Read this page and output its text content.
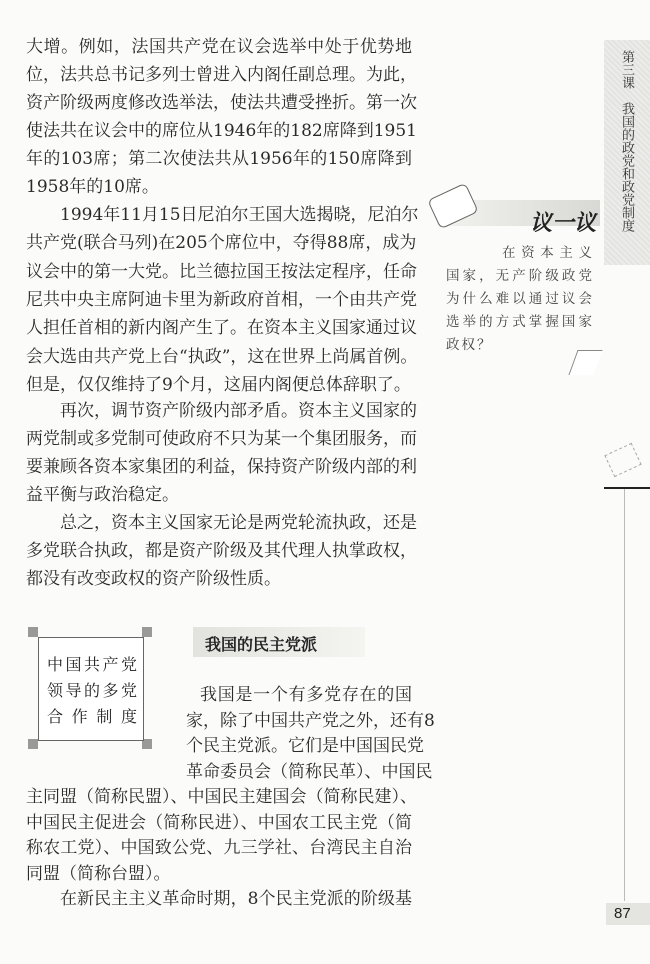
大增。例如，法国共产党在议会选举中处于优势地
位，法共总书记多列士曾进入内阁任副总理。为此，
资产阶级两度修改选举法，使法共遭受挫折。第一次
使法共在议会中的席位从1946年的182席降到1951
年的103席；第二次使法共从1956年的150席降到
1958年的10席。
1994年11月15日尼泊尔王国大选揭晓，尼泊尔
共产党(联合马列)在205个席位中，夺得88席，成为
议会中的第一大党。比兰德拉国王按法定程序，任命
尼共中央主席阿迪卡里为新政府首相，一个由共产党
人担任首相的新内阁产生了。在资本主义国家通过议
会大选由共产党上台“执政”，这在世界上尚属首例。
但是，仅仅维持了9个月，这届内阁便总体辞职了。
再次，调节资产阶级内部矛盾。资本主义国家的
两党制或多党制可使政府不只为某一个集团服务，而
要兼顾各资本家集团的利益，保持资产阶级内部的利
益平衡与政治稳定。
总之，资本主义国家无论是两党轮流执政，还是
多党联合执政，都是资产阶级及其代理人执掌政权，
都没有改变政权的资产阶级性质。
我国是一个有多党存在的国
家，除了中国共产党之外，还有8
个民主党派。它们是中国国民党
革命委员会（简称民革）、中国民
主同盟（简称民盟）、中国民主建国会（简称民建）、
中国民主促进会（简称民进）、中国农工民主党（简
称农工党）、中国致公党、九三学社、台湾民主自治
同盟（简称台盟）。
在新民主主义革命时期，8个民主党派的阶级基
第三课　我国的政党和政党制度
议一议
在资本主义国家，无产阶级政党为什么难以通过议会选举的方式掌握国家政权？
87
我国的民主党派
中国共产党
领导的多党
合作制度
